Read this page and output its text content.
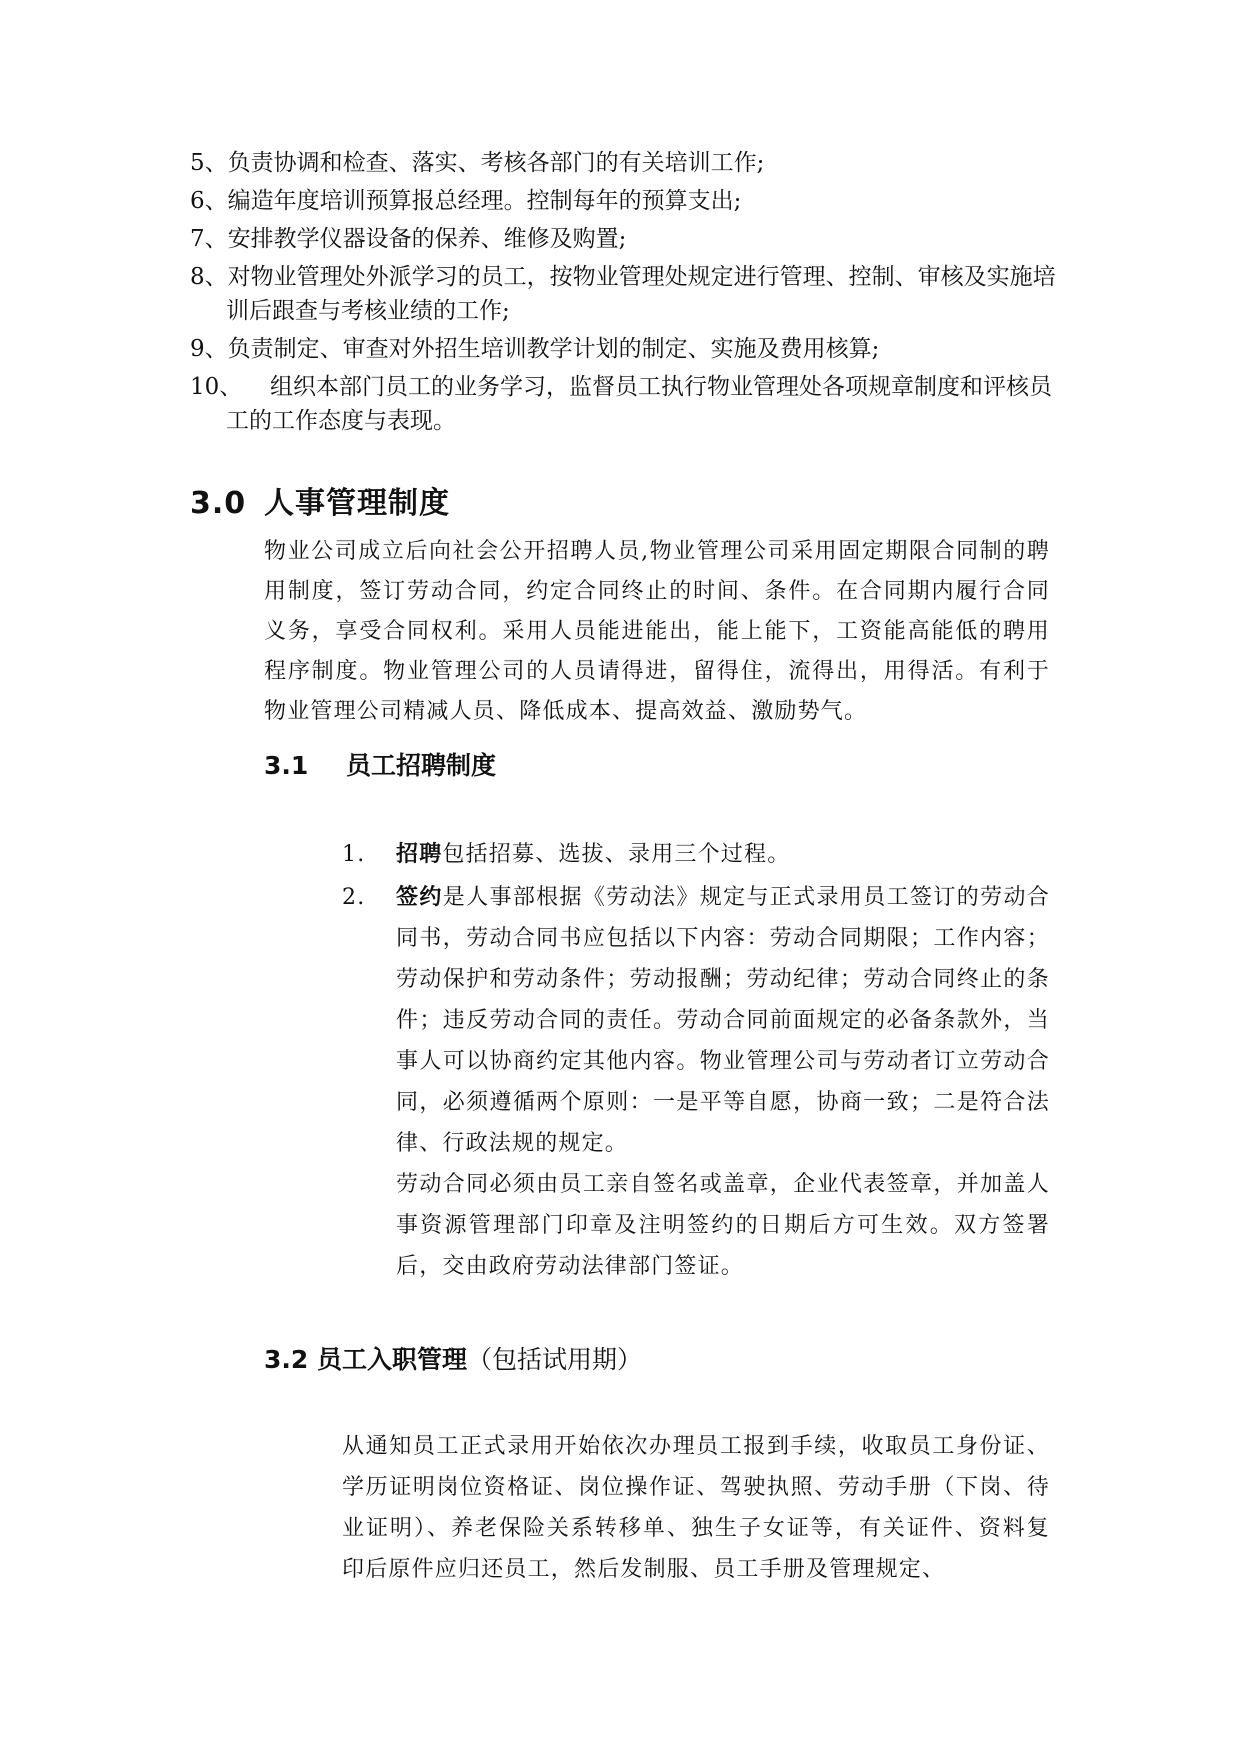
5、 负责协调和检查、落实、考核各部门的有关培训工作;
6、 编造年度培训预算报总经理。控制每年的预算支出;
7、 安排教学仪器设备的保养、维修及购置;
8、对物业管理处外派学习的员工，按物业管理处规定进行管理、控制、审核及实施培训后跟查与考核业绩的工作;
9、 负责制定、审查对外招生培训教学计划的制定、实施及费用核算;
10、 组织本部门员工的业务学习，监督员工执行物业管理处各项规章制度和评核员工的工作态度与表现。
3.0 人事管理制度
物业公司成立后向社会公开招聘人员,物业管理公司采用固定期限合同制的聘用制度，签订劳动合同，约定合同终止的时间、条件。在合同期内履行合同义务，享受合同权利。采用人员能进能出，能上能下，工资能高能低的聘用程序制度。物业管理公司的人员请得进，留得住，流得出，用得活。有利于物业管理公司精减人员、降低成本、提高效益、激励势气。
3.1 员工招聘制度
1.	招聘包括招募、选拔、录用三个过程。
2.	签约是人事部根据《劳动法》规定与正式录用员工签订的劳动合同书，劳动合同书应包括以下内容：劳动合同期限；工作内容；劳动保护和劳动条件；劳动报酬；劳动纪律；劳动合同终止的条件；违反劳动合同的责任。劳动合同前面规定的必备条款外，当事人可以协商约定其他内容。物业管理公司与劳动者订立劳动合同，必须遵循两个原则：一是平等自愿，协商一致；二是符合法律、行政法规的规定。
劳动合同必须由员工亲自签名或盖章，企业代表签章，并加盖人事资源管理部门印章及注明签约的日期后方可生效。双方签署后，交由政府劳动法律部门签证。
3.2 员工入职管理（包括试用期）
从通知员工正式录用开始依次办理员工报到手续，收取员工身份证、学历证明岗位资格证、岗位操作证、驾驶执照、劳动手册（下岗、待业证明）、养老保险关系转移单、独生子女证等，有关证件、资料复印后原件应归还员工，然后发制服、员工手册及管理规定、
